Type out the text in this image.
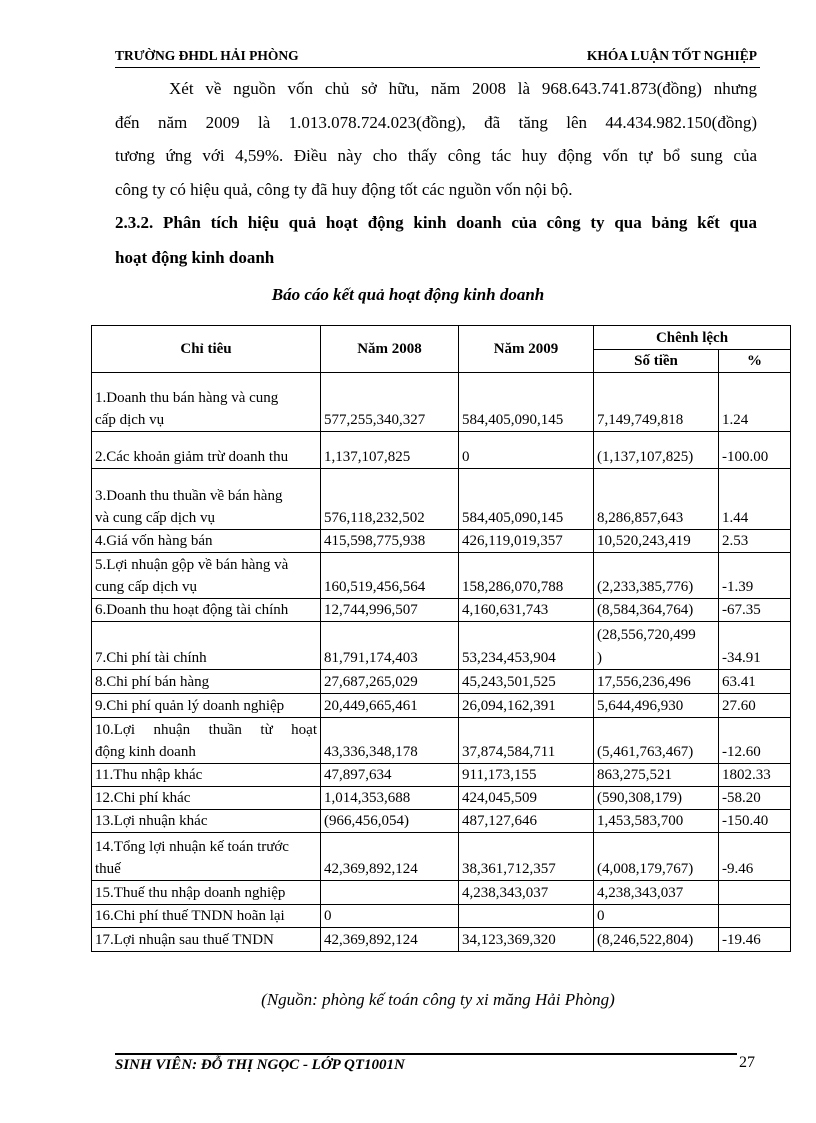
TRƯỜNG ĐHDL HẢI PHÒNG	KHÓA LUẬN TỐT NGHIỆP
Xét về nguồn vốn chủ sở hữu, năm 2008 là 968.643.741.873(đồng) nhưng
đến năm 2009 là 1.013.078.724.023(đồng), đã tăng lên 44.434.982.150(đồng)
tương ứng với 4,59%. Điều này cho thấy công tác huy động vốn tự bổ sung của
công ty có hiệu quả, công ty đã huy động tốt các nguồn vốn nội bộ.
2.3.2. Phân tích hiệu quả hoạt động kinh doanh của công ty qua bảng kết qua
hoạt động kinh doanh
Báo cáo kết quả hoạt động kinh doanh
Chỉ tiêu	Năm 2008	Năm 2009	Chênh lệch	
			Số tiền	%

1.Doanh thu bán hàng và cung
cấp dịch vụ	577,255,340,327	584,405,090,145	7,149,749,818	1.24

2.Các khoản giảm trừ doanh thu	1,137,107,825	0	(1,137,107,825)	-100.00

3.Doanh thu thuần về bán hàng
và cung cấp dịch vụ	576,118,232,502	584,405,090,145	8,286,857,643	1.44

4.Giá vốn hàng bán	415,598,775,938	426,119,019,357	10,520,243,419	2.53

5.Lợi nhuận gộp về bán hàng và
cung cấp dịch vụ	160,519,456,564	158,286,070,788	(2,233,385,776)	-1.39

6.Doanh thu hoạt động tài chính	12,744,996,507	4,160,631,743	(8,584,364,764)	-67.35

7.Chi phí tài chính	81,791,174,403	53,234,453,904	(28,556,720,499
)	-34.91

8.Chi phí bán hàng	27,687,265,029	45,243,501,525	17,556,236,496	63.41

9.Chi phí quản lý doanh nghiệp	20,449,665,461	26,094,162,391	5,644,496,930	27.60

10.Lợi nhuận thuần từ hoạt
động kinh doanh	43,336,348,178	37,874,584,711	(5,461,763,467)	-12.60

11.Thu nhập khác	47,897,634	911,173,155	863,275,521	1802.33

12.Chi phí khác	1,014,353,688	424,045,509	(590,308,179)	-58.20

13.Lợi nhuận khác	(966,456,054)	487,127,646	1,453,583,700	-150.40

14.Tổng lợi nhuận kế toán trước
thuế	42,369,892,124	38,361,712,357	(4,008,179,767)	-9.46

15.Thuế thu nhập doanh nghiệp		4,238,343,037	4,238,343,037	

16.Chi phí thuế TNDN hoãn lại	0		0	

17.Lợi nhuận sau thuế TNDN	42,369,892,124	34,123,369,320	(8,246,522,804)	-19.46
(Nguồn: phòng kế toán công ty xi măng Hải Phòng)
SINH VIÊN: ĐỖ THỊ NGỌC - LỚP QT1001N	27
